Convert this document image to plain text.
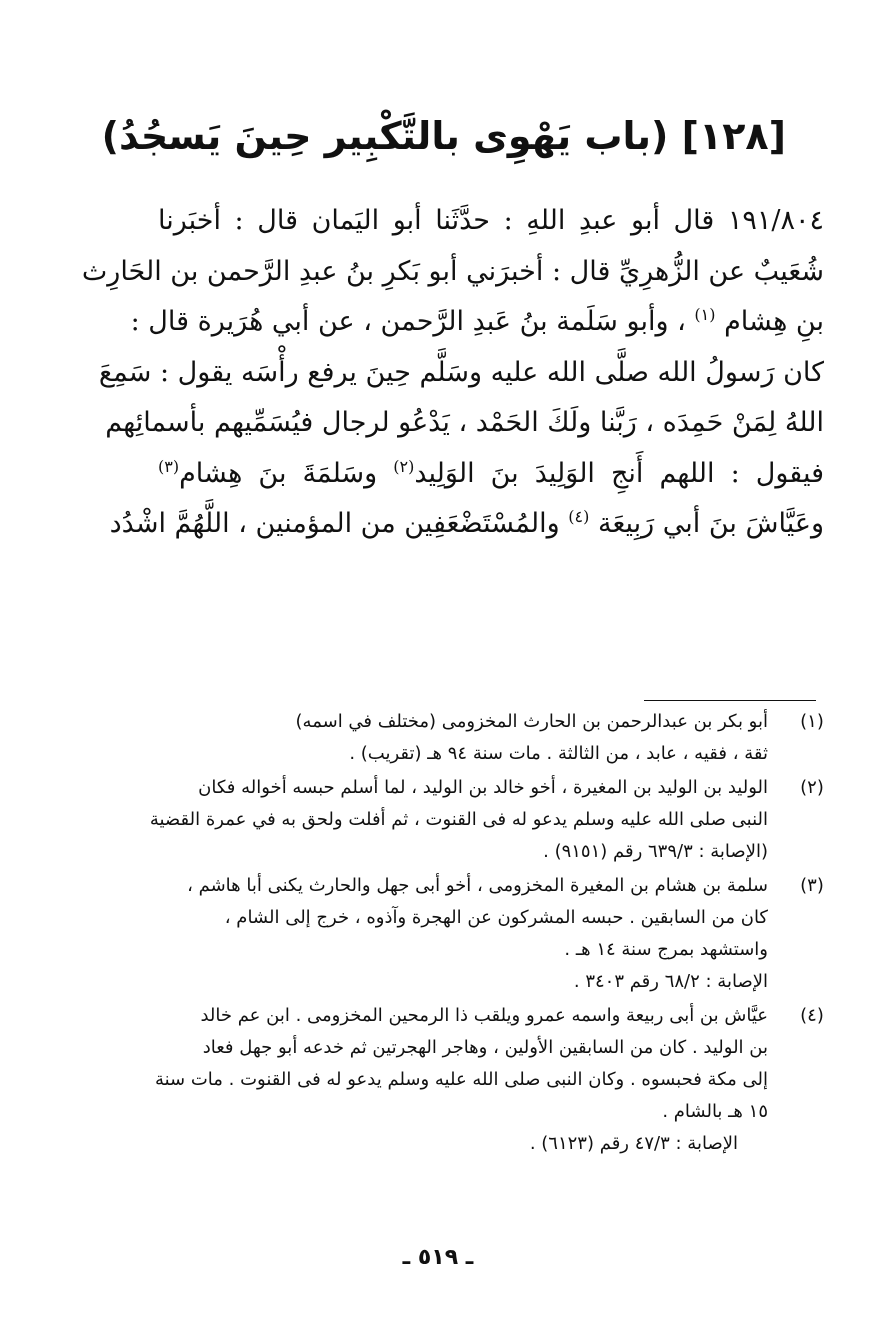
[١٢٨] (باب يَهْوِى بالتَّكْبِير حِينَ يَسجُدُ)
١٩١/٨٠٤ قال أبو عبدِ اللهِ : حدَّثَنا أبو اليَمان قال : أخبَرنا
شُعَيبٌ عن الزُّهرِيِّ قال : أخبرَني أبو بَكرِ بنُ عبدِ الرَّحمن بن الحَارِث
بنِ هِشام $^{(١)}$ ، وأبو سَلَمة بنُ عَبدِ الرَّحمن ، عن أبي هُرَيرة قال :
كان رَسولُ الله صلَّى الله عليه وسَلَّم حِينَ يرفع رأْسَه يقول : سَمِعَ
اللهُ لِمَنْ حَمِدَه ، رَبَّنا ولَكَ الحَمْد ، يَدْعُو لرجال فيُسَمِّيهم بأسمائِهم
فيقول : اللهم أَنجِ الوَلِيدَ بنَ الوَلِيد$^{(٢)}$ وسَلمَةَ بنَ هِشام$^{(٣)}$
وعَيَّاشَ بنَ أبي رَبِيعَة $^{(٤)}$ والمُسْتَضْعَفِين من المؤمنين ، اللَّهُمَّ اشْدُد
(١)
أبو بكر بن عبدالرحمن بن الحارث المخزومى (مختلف في اسمه)
ثقة ، فقيه ، عابد ، من الثالثة . مات سنة ٩٤ هـ (تقريب) .
(٢)
الوليد بن الوليد بن المغيرة ، أخو خالد بن الوليد ، لما أسلم حبسه أخواله فكان
النبى صلى الله عليه وسلم يدعو له فى القنوت ، ثم أفلت ولحق به في عمرة القضية
(الإصابة : ٦٣٩/٣ رقم (٩١٥١) .
(٣)
سلمة بن هشام بن المغيرة المخزومى ، أخو أبى جهل والحارث يكنى أبا هاشم ،
كان من السابقين . حبسه المشركون عن الهجرة وآذوه ، خرج إلى الشام ،
واستشهد بمرج سنة ١٤ هـ .
الإصابة : ٦٨/٢ رقم ٣٤٠٣ .
(٤)
عيَّاش بن أبى ربيعة واسمه عمرو ويلقب ذا الرمحين المخزومى . ابن عم خالد
بن الوليد . كان من السابقين الأولين ، وهاجر الهجرتين ثم خدعه أبو جهل فعاد
إلى مكة فحبسوه . وكان النبى صلى الله عليه وسلم يدعو له فى القنوت . مات سنة
١٥ هـ بالشام .
الإصابة : ٤٧/٣ رقم (٦١٢٣) .
ـ ٥١٩ ـ
